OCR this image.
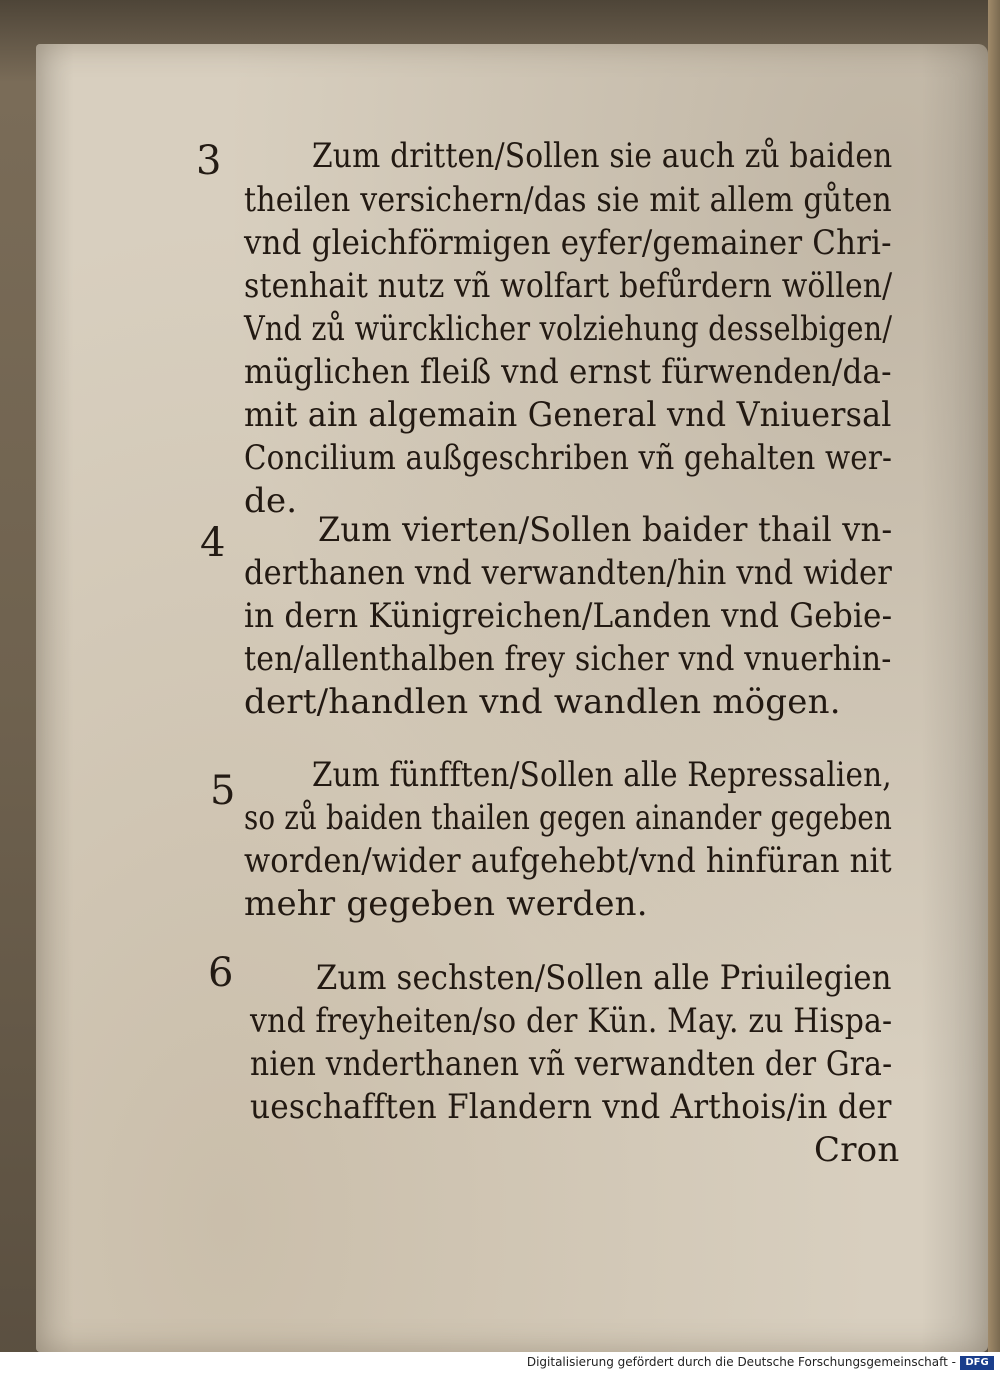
3	Zum dritten/Sollen sie auch zů baiden
theilen versichern/das sie mit allem gůten
vnd gleichförmigen eyfer/gemainer Chri-
stenhait nutz vñ wolfart befůrdern wöllen/
Vnd zů würcklicher volziehung desselbigen/
müglichen fleiß vnd ernst fürwenden/da-
mit ain algemain General vnd Vniuersal
Concilium außgeschriben vñ gehalten wer-
de.
4	Zum vierten/Sollen baider thail vn-
derthanen vnd verwandten/hin vnd wider
in dern Künigreichen/Landen vnd Gebie-
ten/allenthalben frey sicher vnd vnuerhin-
dert/handlen vnd wandlen mögen.
5 Zum fünfften/Sollen alle Repressalien,
so zů baiden thailen gegen ainander gegeben
worden/wider aufgehebt/vnd hinfüran nit
mehr gegeben werden.
6 Zum sechsten/Sollen alle Priuilegien
vnd freyheiten/so der Kün. May. zu Hispa-
nien vnderthanen vñ verwandten der Gra-
ueschafften Flandern vnd Arthois/in der
Cron
Digitalisierung gefördert durch die Deutsche Forschungsgemeinschaft - DFG
